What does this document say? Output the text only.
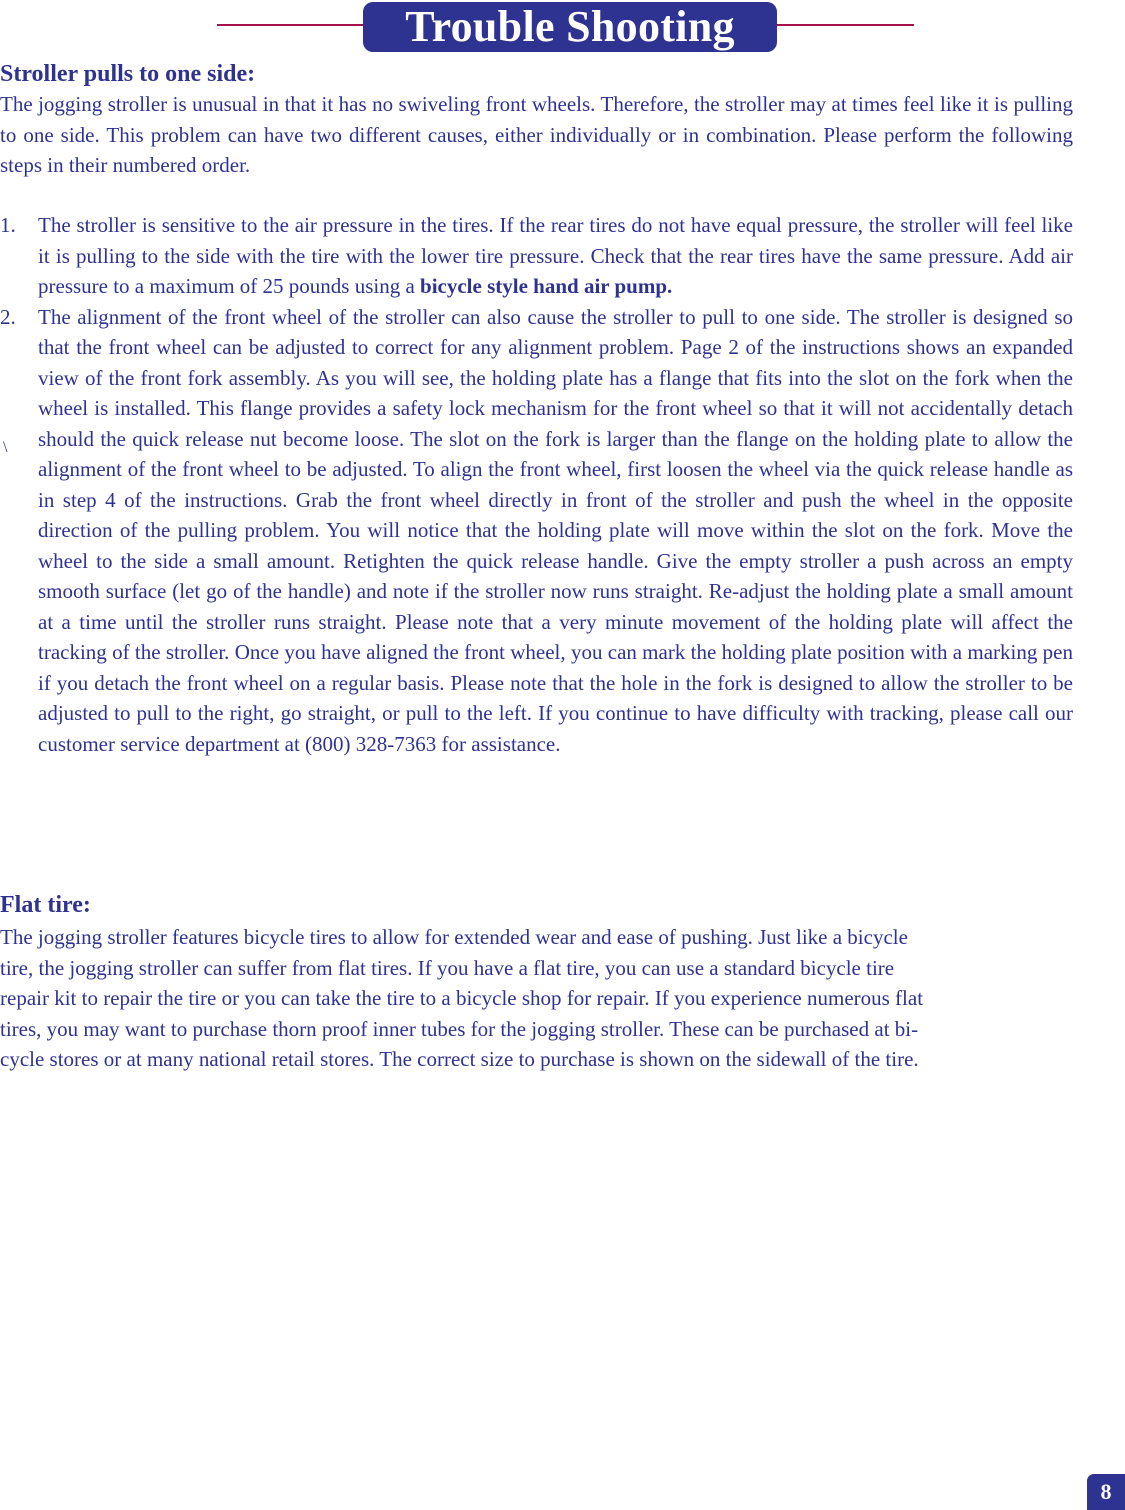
Trouble Shooting
Stroller pulls to one side:

The jogging stroller is unusual in that it has no swiveling front wheels. Therefore, the stroller may at times feel like it is pulling to one side. This problem can have two different causes, either individually or in combination. Please perform the following steps in their numbered order.

1. The stroller is sensitive to the air pressure in the tires. If the rear tires do not have equal pressure, the stroller will feel like it is pulling to the side with the tire with the lower tire pressure. Check that the rear tires have the same pressure. Add air pressure to a maximum of 25 pounds using a bicycle style hand air pump.
2. The alignment of the front wheel of the stroller can also cause the stroller to pull to one side. The stroller is designed so that the front wheel can be adjusted to correct for any alignment problem. Page 2 of the instructions shows an expanded view of the front fork assembly. As you will see, the holding plate has a flange that fits into the slot on the fork when the wheel is installed. This flange provides a safety lock mechanism for the front wheel so that it will not accidentally detach should the quick release nut become loose. The slot on the fork is larger than the flange on the holding plate to allow the alignment of the front wheel to be adjusted. To align the front wheel, first loosen the wheel via the quick release handle as in step 4 of the instructions. Grab the front wheel directly in front of the stroller and push the wheel in the opposite direction of the pulling problem. You will notice that the holding plate will move within the slot on the fork. Move the wheel to the side a small amount. Retighten the quick release handle. Give the empty stroller a push across an empty smooth surface (let go of the handle) and note if the stroller now runs straight. Re-adjust the holding plate a small amount at a time until the stroller runs straight. Please note that a very minute movement of the holding plate will affect the tracking of the stroller. Once you have aligned the front wheel, you can mark the holding plate position with a marking pen if you detach the front wheel on a regular basis. Please note that the hole in the fork is designed to allow the stroller to be adjusted to pull to the right, go straight, or pull to the left. If you continue to have difficulty with tracking, please call our customer service department at (800) 328-7363 for assistance.
\
Flat tire:
The jogging stroller features bicycle tires to allow for extended wear and ease of pushing. Just like a bicycle
tire, the jogging stroller can suffer from flat tires. If you have a flat tire, you can use a standard bicycle tire
repair kit to repair the tire or you can take the tire to a bicycle shop for repair. If you experience numerous flat
tires, you may want to purchase thorn proof inner tubes for the jogging stroller. These can be purchased at bi-
cycle stores or at many national retail stores. The correct size to purchase is shown on the sidewall of the tire.
8
